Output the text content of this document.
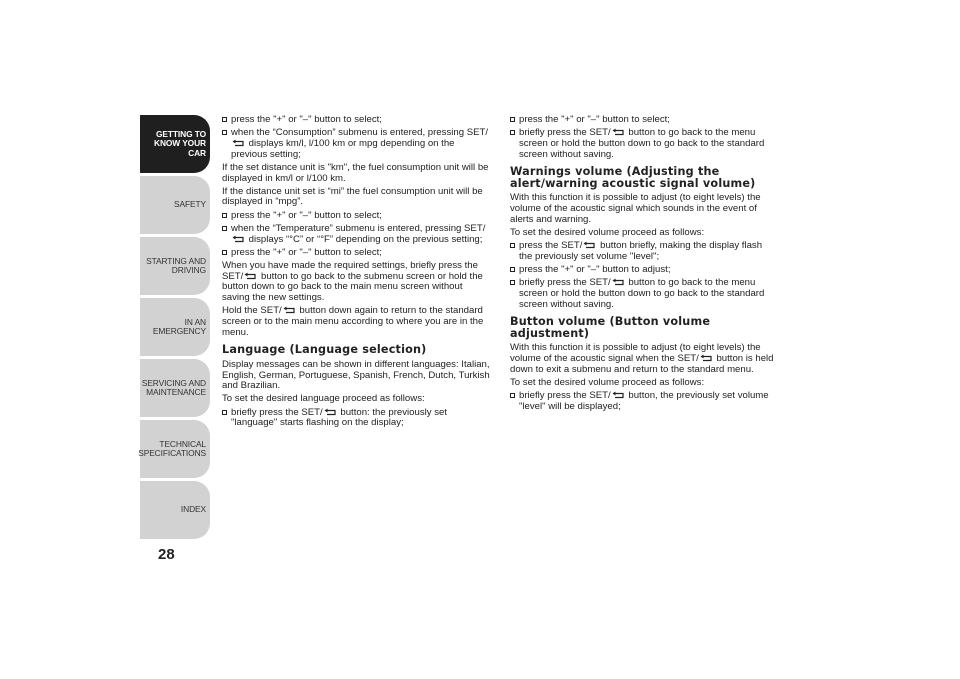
GETTING TO
KNOW YOUR CAR
SAFETY
STARTING AND
DRIVING
IN AN EMERGENCY
SERVICING AND
MAINTENANCE
TECHNICAL
SPECIFICATIONS
INDEX
28
press the "+" or "–" button to select;
when the “Consumption” submenu is entered, pressing SET/
displays km/l, l/100 km or mpg depending on the previous setting;
If the set distance unit is "km", the fuel consumption unit will be displayed in km/l or l/100 km.
If the distance unit set is “mi” the fuel consumption unit will be displayed in “mpg”.
press the "+" or "–" button to select;
when the “Temperature” submenu is entered, pressing SET/
displays “°C” or “°F” depending on the previous setting;
press the "+" or "–" button to select;
When you have made the required settings, briefly press the SET/
button to go back to the submenu screen or hold the button down to go back to the main menu screen without saving the new settings.
Hold the SET/
button down again to return to the standard screen or to the main menu according to where you are in the menu.
Language (Language selection)
Display messages can be shown in different languages: Italian, English, German, Portuguese, Spanish, French, Dutch, Turkish and Brazilian.
To set the desired language proceed as follows:
briefly press the SET/
button: the previously set "language" starts flashing on the display;
press the "+" or "–" button to select;
briefly press the SET/
button to go back to the menu screen or hold the button down to go back to the standard screen without saving.
Warnings volume (Adjusting the alert/warning acoustic signal volume)
With this function it is possible to adjust (to eight levels) the volume of the acoustic signal which sounds in the event of alerts and warning.
To set the desired volume proceed as follows:
press the SET/
button briefly, making the display flash the previously set volume "level";
press the "+" or "–" button to adjust;
briefly press the SET/
button to go back to the menu screen or hold the button down to go back to the standard screen without saving.
Button volume (Button volume adjustment)
With this function it is possible to adjust (to eight levels) the volume of the acoustic signal when the SET/
button is held down to exit a submenu and return to the standard menu.
To set the desired volume proceed as follows:
briefly press the SET/
button, the previously set volume "level" will be displayed;
